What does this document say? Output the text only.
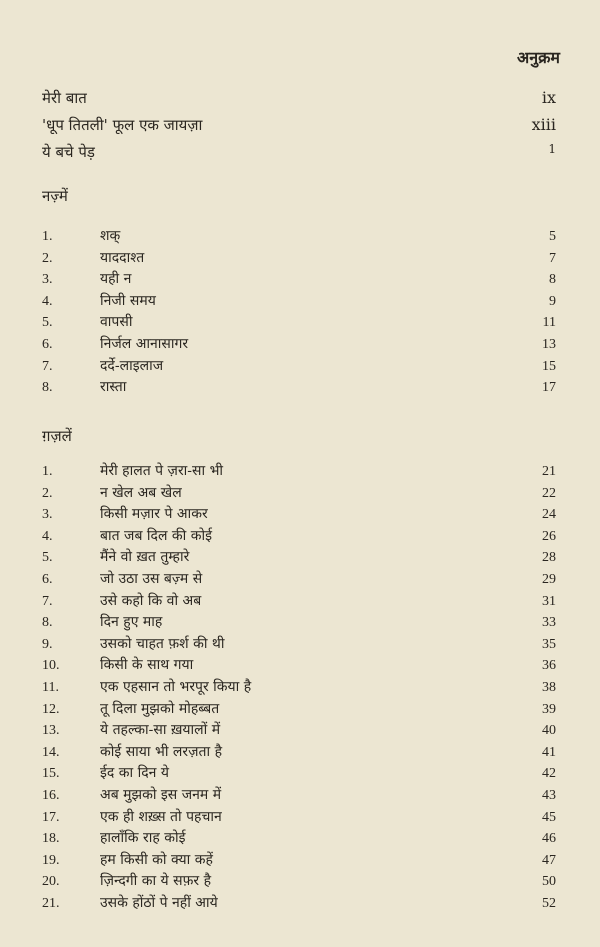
अनुक्रम
मेरी बात	ix
'धूप तितली' फूल एक जायज़ा	xiii
ये बचे पेड़	1
नज़्में
1.	शक्	5
2.	याददाश्त	7
3.	यही न	8
4.	निजी समय	9
5.	वापसी	11
6.	निर्जल आनासागर	13
7.	दर्दे-लाइलाज	15
8.	रास्ता	17
ग़ज़लें
1.	मेरी हालत पे ज़रा-सा भी	21
2.	न खेल अब खेल	22
3.	किसी मज़ार पे आकर	24
4.	बात जब दिल की कोई	26
5.	मैंने वो ख़त तुम्हारे	28
6.	जो उठा उस बज़्म से	29
7.	उसे कहो कि वो अब	31
8.	दिन हुए माह	33
9.	उसको चाहत फ़र्श की थी	35
10.	किसी के साथ गया	36
11.	एक एहसान तो भरपूर किया है	38
12.	तू दिला मुझको मोहब्बत	39
13.	ये तहल्का-सा ख़यालों में	40
14.	कोई साया भी लरज़ता है	41
15.	ईद का दिन ये	42
16.	अब मुझको इस जनम में	43
17.	एक ही शख़्स तो पहचान	45
18.	हालाँकि राह कोई	46
19.	हम किसी को क्या कहें	47
20.	ज़िन्दगी का ये सफ़र है	50
21.	उसके होंठों पे नहीं आये	52
